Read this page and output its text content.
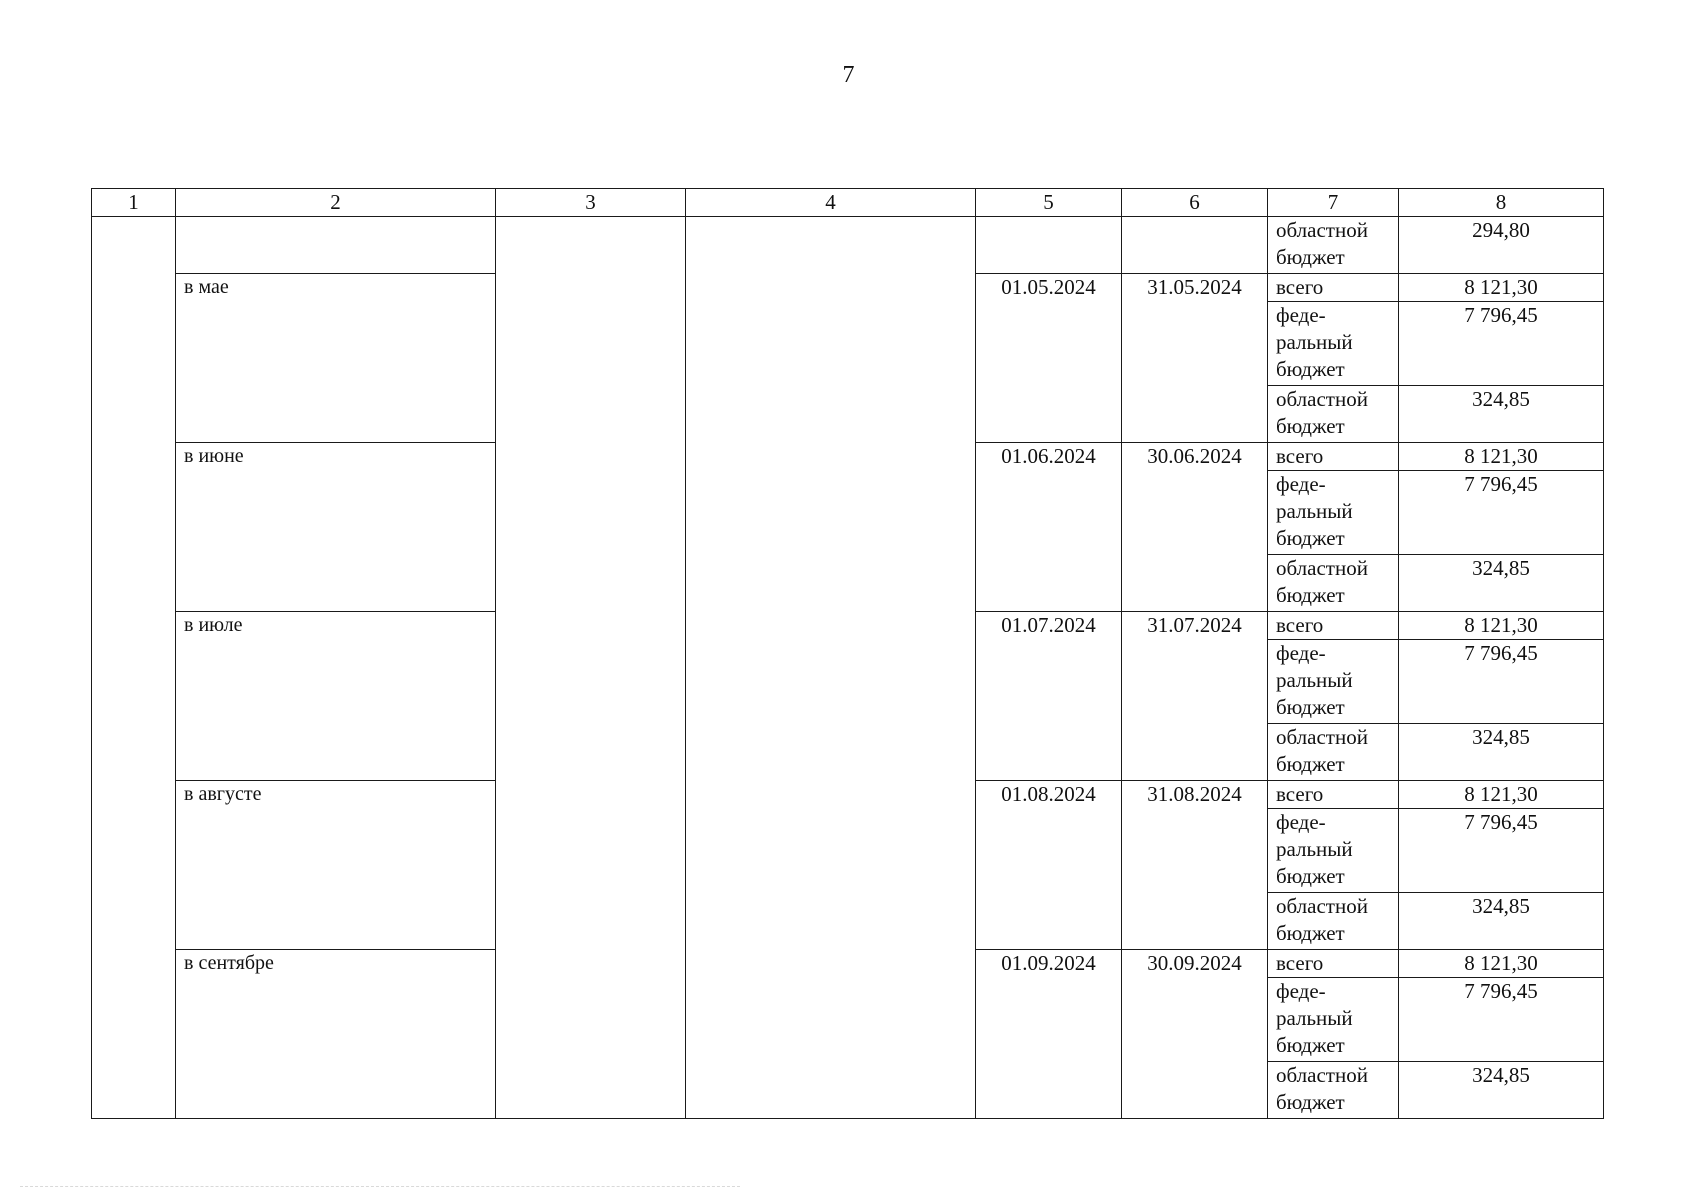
7
1	2	3	4	5	6	7	8
						областной бюджет	294,80
	в мае			01.05.2024	31.05.2024	всего	8 121,30
						феде-ральный бюджет	7 796,45
						областной бюджет	324,85
	в июне			01.06.2024	30.06.2024	всего	8 121,30
						феде-ральный бюджет	7 796,45
						областной бюджет	324,85
	в июле			01.07.2024	31.07.2024	всего	8 121,30
						феде-ральный бюджет	7 796,45
						областной бюджет	324,85
	в августе			01.08.2024	31.08.2024	всего	8 121,30
						феде-ральный бюджет	7 796,45
						областной бюджет	324,85
	в сентябре			01.09.2024	30.09.2024	всего	8 121,30
						феде-ральный бюджет	7 796,45
						областной бюджет	324,85
